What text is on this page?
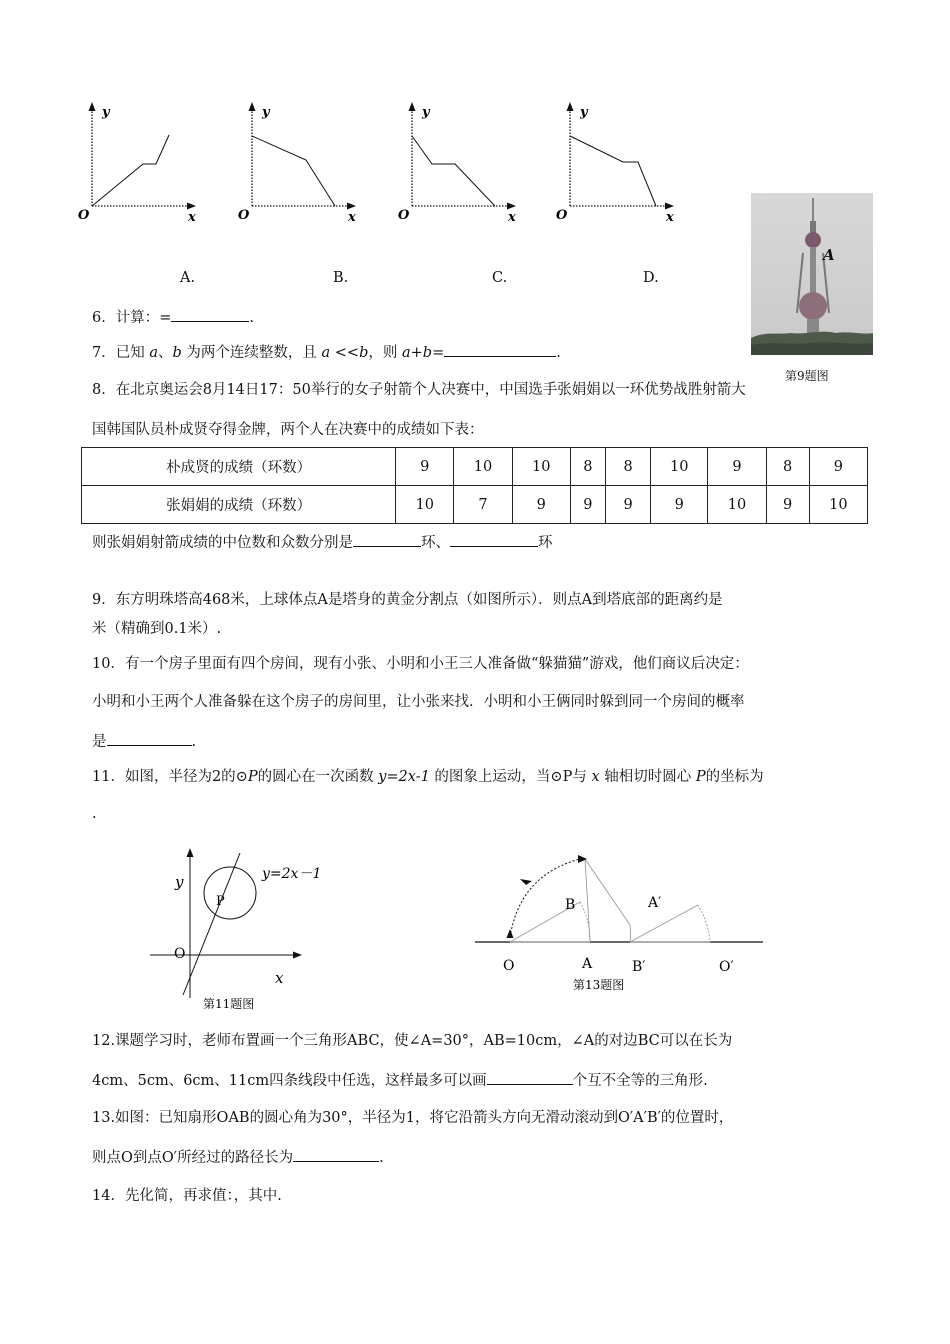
y
x
O
y
x
O
y
x
O
y
x
O
A.	B.	C.	D.
A
第9题图
6．计算：=	.
7．已知 a、b 为两个连续整数，且 a <<b，则 a+b=	.
8．在北京奥运会8月14日17：50举行的女子射箭个人决赛中，中国选手张娟娟以一环优势战胜射箭大
国韩国队员朴成贤夺得金牌，两个人在决赛中的成绩如下表：
朴成贤的成绩（环数）	9	10	10	8	8	10	9	8	9
张娟娟的成绩（环数）	10	7	9	9	9	9	10	9	10
则张娟娟射箭成绩的中位数和众数分别是	环、	环
9．东方明珠塔高468米，上球体点A是塔身的黄金分割点（如图所示）．则点A到塔底部的距离约是
米（精确到0.1米）.
10．有一个房子里面有四个房间，现有小张、小明和小王三人准备做“躲猫猫”游戏，他们商议后决定：
小明和小王两个人准备躲在这个房子的房间里，让小张来找．小明和小王俩同时躲到同一个房间的概率
是	.
11．如图，半径为2的⊙P的圆心在一次函数 y=2x-1 的图象上运动，当⊙P与 x 轴相切时圆心 P的坐标为
.
y
x
O
P
y=2x－1
第11题图
O	A
B	A′
B′	O′
第13题图
12.课题学习时，老师布置画一个三角形ABC，使∠A=30°，AB=10cm，∠A的对边BC可以在长为
4cm、5cm、6cm、11cm四条线段中任选，这样最多可以画	个互不全等的三角形.
13.如图：已知扇形OAB的圆心角为30°，半径为1，将它沿箭头方向无滑动滚动到O′A′B′的位置时，
则点O到点O′所经过的路径长为	.
14．先化简，再求值：，其中.
